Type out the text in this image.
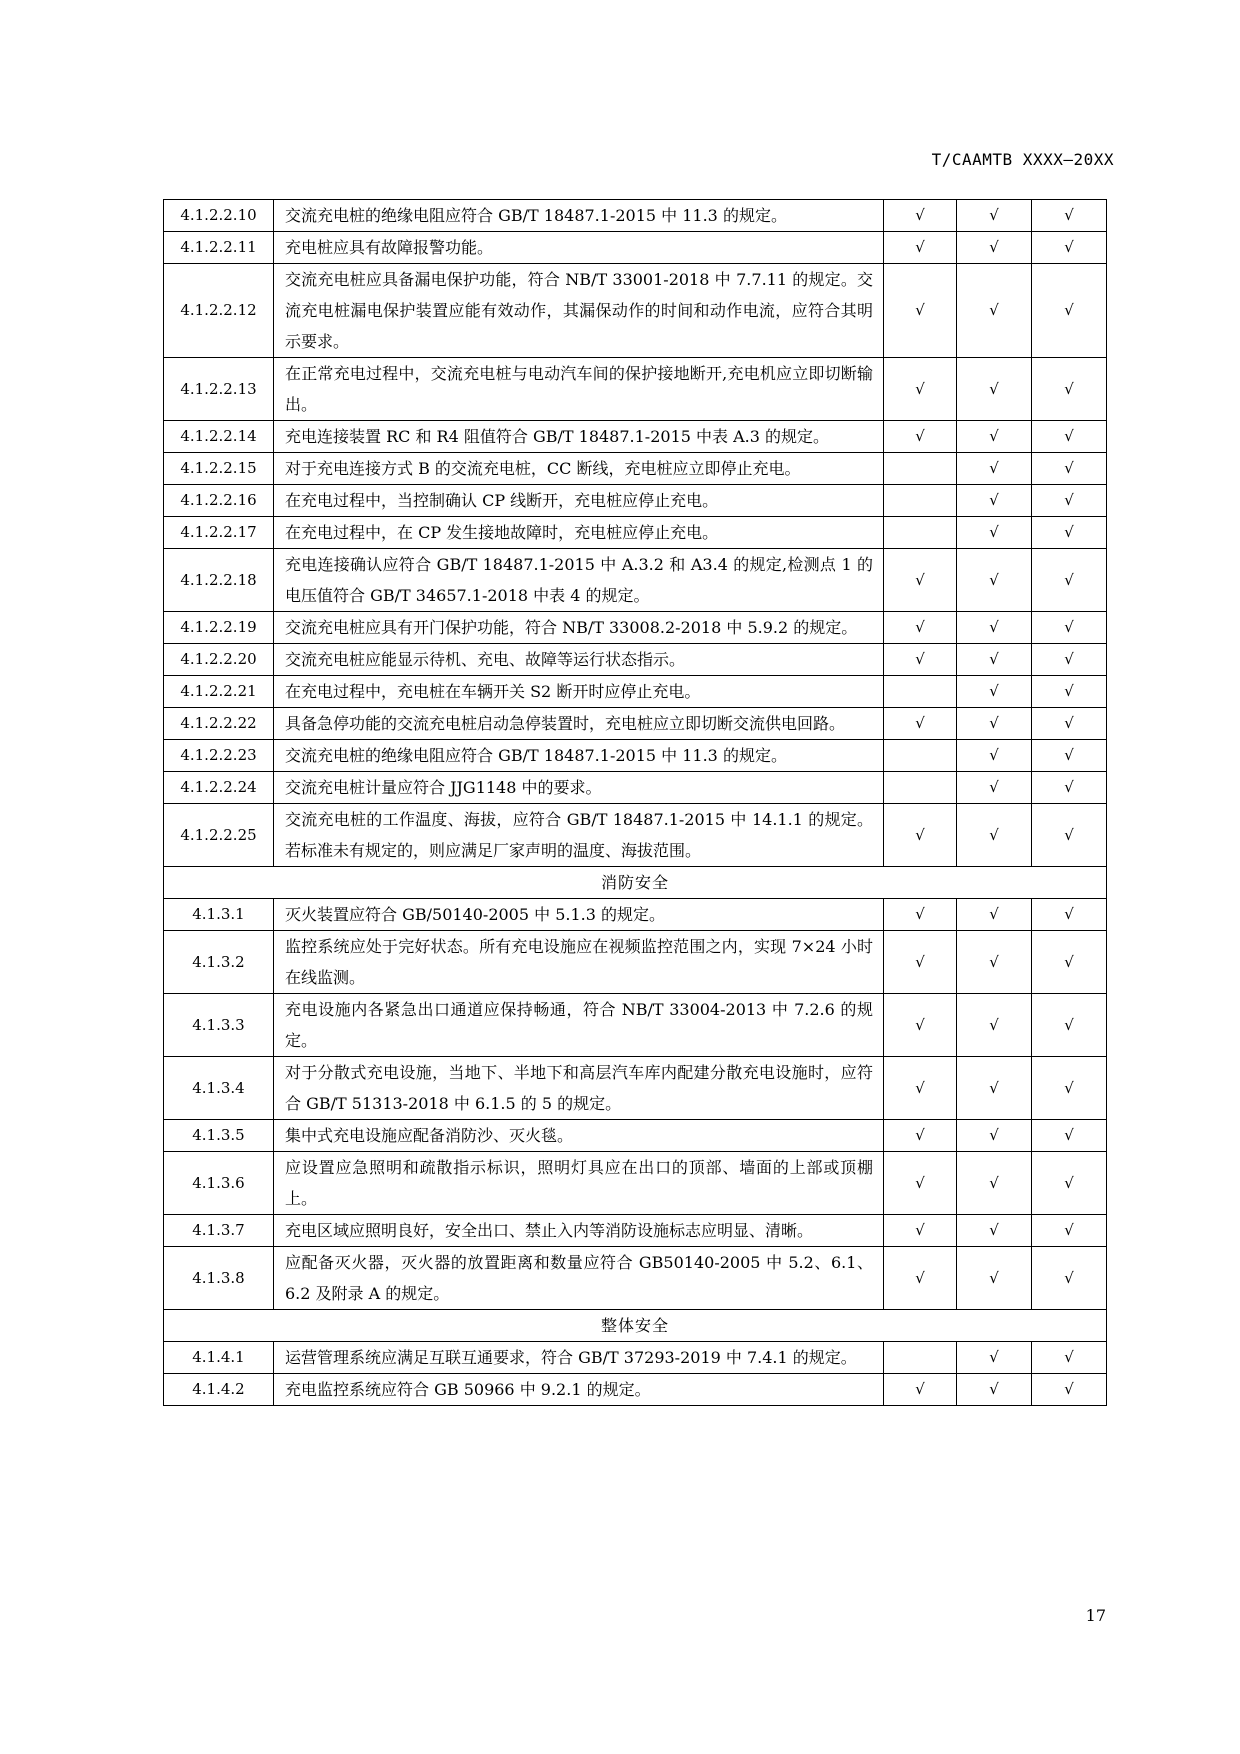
T/CAAMTB XXXX—20XX
4.1.2.2.10	交流充电桩的绝缘电阻应符合 GB/T 18487.1-2015 中 11.3 的规定。	√	√	√
4.1.2.2.11	充电桩应具有故障报警功能。	√	√	√
4.1.2.2.12	交流充电桩应具备漏电保护功能，符合 NB/T 33001-2018 中 7.7.11 的规定。交流充电桩漏电保护装置应能有效动作，其漏保动作的时间和动作电流，应符合其明示要求。	√	√	√
4.1.2.2.13	在正常充电过程中，交流充电桩与电动汽车间的保护接地断开,充电机应立即切断输出。	√	√	√
4.1.2.2.14	充电连接装置 RC 和 R4 阻值符合 GB/T 18487.1-2015 中表 A.3 的规定。	√	√	√
4.1.2.2.15	对于充电连接方式 B 的交流充电桩，CC 断线，充电桩应立即停止充电。		√	√
4.1.2.2.16	在充电过程中，当控制确认 CP 线断开，充电桩应停止充电。		√	√
4.1.2.2.17	在充电过程中，在 CP 发生接地故障时，充电桩应停止充电。		√	√
4.1.2.2.18	充电连接确认应符合 GB/T 18487.1-2015 中 A.3.2 和 A3.4 的规定,检测点 1 的电压值符合 GB/T 34657.1-2018 中表 4 的规定。	√	√	√
4.1.2.2.19	交流充电桩应具有开门保护功能，符合 NB/T 33008.2-2018 中 5.9.2 的规定。	√	√	√
4.1.2.2.20	交流充电桩应能显示待机、充电、故障等运行状态指示。	√	√	√
4.1.2.2.21	在充电过程中，充电桩在车辆开关 S2 断开时应停止充电。		√	√
4.1.2.2.22	具备急停功能的交流充电桩启动急停装置时，充电桩应立即切断交流供电回路。	√	√	√
4.1.2.2.23	交流充电桩的绝缘电阻应符合 GB/T 18487.1-2015 中 11.3 的规定。		√	√
4.1.2.2.24	交流充电桩计量应符合 JJG1148 中的要求。		√	√
4.1.2.2.25	交流充电桩的工作温度、海拔，应符合 GB/T 18487.1-2015 中 14.1.1 的规定。若标准未有规定的，则应满足厂家声明的温度、海拔范围。	√	√	√
消防安全				
4.1.3.1	灭火装置应符合 GB/50140-2005 中 5.1.3 的规定。	√	√	√
4.1.3.2	监控系统应处于完好状态。所有充电设施应在视频监控范围之内，实现 7×24 小时在线监测。	√	√	√
4.1.3.3	充电设施内各紧急出口通道应保持畅通，符合 NB/T 33004-2013 中 7.2.6 的规定。	√	√	√
4.1.3.4	对于分散式充电设施，当地下、半地下和高层汽车库内配建分散充电设施时，应符合 GB/T 51313-2018 中 6.1.5 的 5 的规定。	√	√	√
4.1.3.5	集中式充电设施应配备消防沙、灭火毯。	√	√	√
4.1.3.6	应设置应急照明和疏散指示标识，照明灯具应在出口的顶部、墙面的上部或顶棚上。	√	√	√
4.1.3.7	充电区域应照明良好，安全出口、禁止入内等消防设施标志应明显、清晰。	√	√	√
4.1.3.8	应配备灭火器，灭火器的放置距离和数量应符合 GB50140-2005 中 5.2、6.1、6.2 及附录 A 的规定。	√	√	√
整体安全				
4.1.4.1	运营管理系统应满足互联互通要求，符合 GB/T 37293-2019 中 7.4.1 的规定。		√	√
4.1.4.2	充电监控系统应符合 GB 50966 中 9.2.1 的规定。	√	√	√
17
